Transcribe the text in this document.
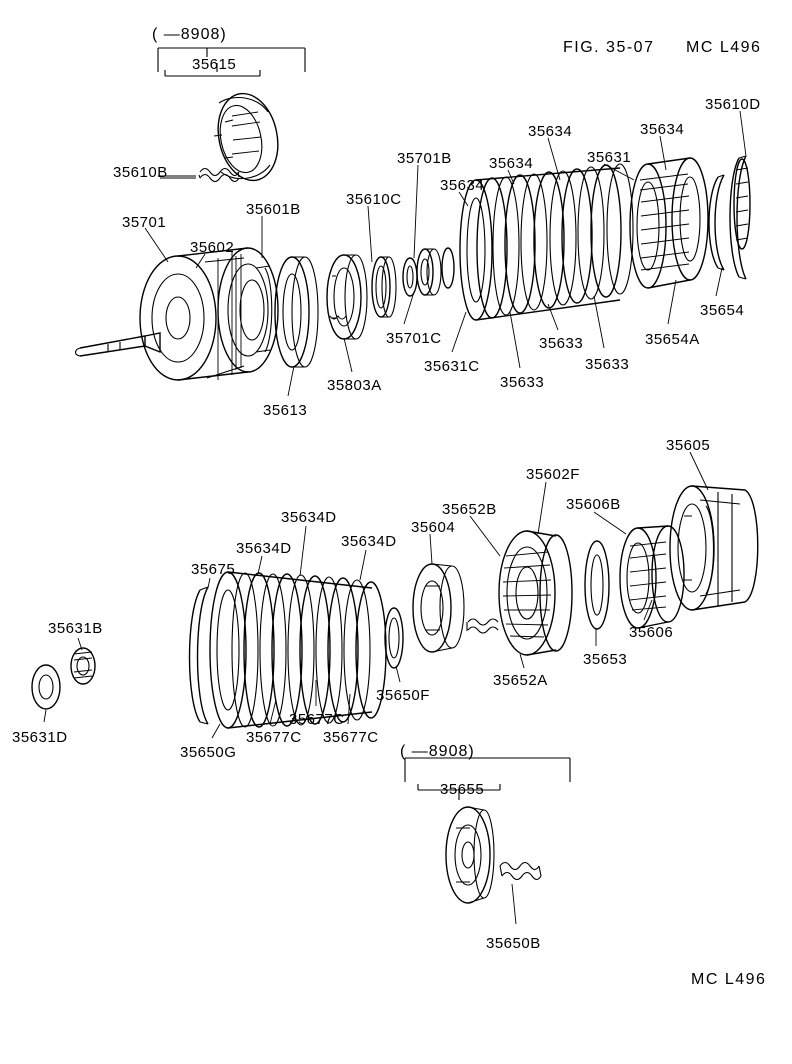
FIG. 35-07 MC L496
MC L496
( —8908)
( —8908)
35615
35610B
35701
35602
35601B
35610C
35701B
35634
35634
35634
35631
35634
35610D
35654
35654A
35633
35633
35633
35631C
35701C
35803A
35613
35605
35602F
35606B
35652B
35604
35634D
35634D	35634D
35675
35631B
35631D
35650G
35677C 35677C
35677C
35650F
35652A
35653
35606
35655
35650B
